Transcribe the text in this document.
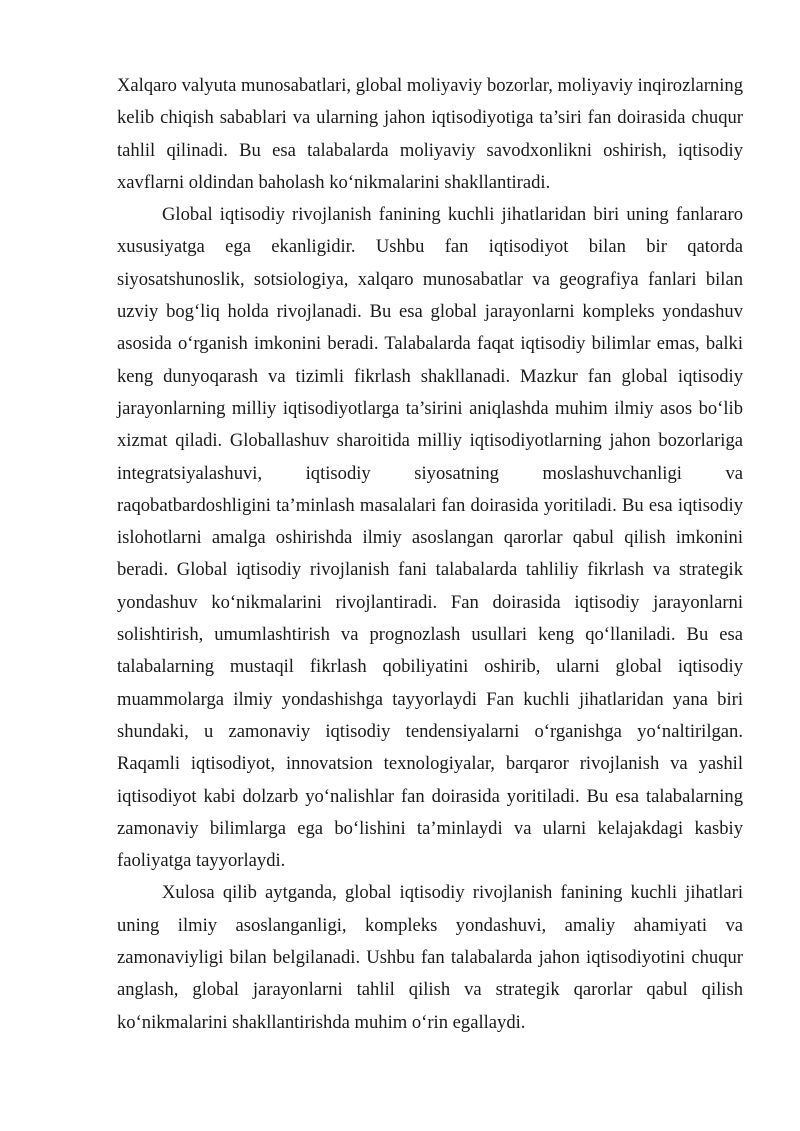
Xalqaro valyuta munosabatlari, global moliyaviy bozorlar, moliyaviy inqirozlarning kelib chiqish sabablari va ularning jahon iqtisodiyotiga ta’siri fan doirasida chuqur tahlil qilinadi. Bu esa talabalarda moliyaviy savodxonlikni oshirish, iqtisodiy xavflarni oldindan baholash ko‘nikmalarini shakllantiradi.

Global iqtisodiy rivojlanish fanining kuchli jihatlaridan biri uning fanlararo xususiyatga ega ekanligidir. Ushbu fan iqtisodiyot bilan bir qatorda siyosatshunoslik, sotsiologiya, xalqaro munosabatlar va geografiya fanlari bilan uzviy bog‘liq holda rivojlanadi. Bu esa global jarayonlarni kompleks yondashuv asosida o‘rganish imkonini beradi. Talabalarda faqat iqtisodiy bilimlar emas, balki keng dunyoqarash va tizimli fikrlash shakllanadi. Mazkur fan global iqtisodiy jarayonlarning milliy iqtisodiyotlarga ta’sirini aniqlashda muhim ilmiy asos bo‘lib xizmat qiladi. Globallashuv sharoitida milliy iqtisodiyotlarning jahon bozorlariga integratsiyalashuvi, iqtisodiy siyosatning moslashuvchanligi va raqobatbardoshligini ta’minlash masalalari fan doirasida yoritiladi. Bu esa iqtisodiy islohotlarni amalga oshirishda ilmiy asoslangan qarorlar qabul qilish imkonini beradi. Global iqtisodiy rivojlanish fani talabalarda tahliliy fikrlash va strategik yondashuv ko‘nikmalarini rivojlantiradi. Fan doirasida iqtisodiy jarayonlarni solishtirish, umumlashtirish va prognozlash usullari keng qo‘llaniladi. Bu esa talabalarning mustaqil fikrlash qobiliyatini oshirib, ularni global iqtisodiy muammolarga ilmiy yondashishga tayyorlaydi Fan kuchli jihatlaridan yana biri shundaki, u zamonaviy iqtisodiy tendensiyalarni o‘rganishga yo‘naltirilgan. Raqamli iqtisodiyot, innovatsion texnologiyalar, barqaror rivojlanish va yashil iqtisodiyot kabi dolzarb yo‘nalishlar fan doirasida yoritiladi. Bu esa talabalarning zamonaviy bilimlarga ega bo‘lishini ta’minlaydi va ularni kelajakdagi kasbiy faoliyatga tayyorlaydi.

Xulosa qilib aytganda, global iqtisodiy rivojlanish fanining kuchli jihatlari uning ilmiy asoslanganligi, kompleks yondashuvi, amaliy ahamiyati va zamonaviyligi bilan belgilanadi. Ushbu fan talabalarda jahon iqtisodiyotini chuqur anglash, global jarayonlarni tahlil qilish va strategik qarorlar qabul qilish ko‘nikmalarini shakllantirishda muhim o‘rin egallaydi.
